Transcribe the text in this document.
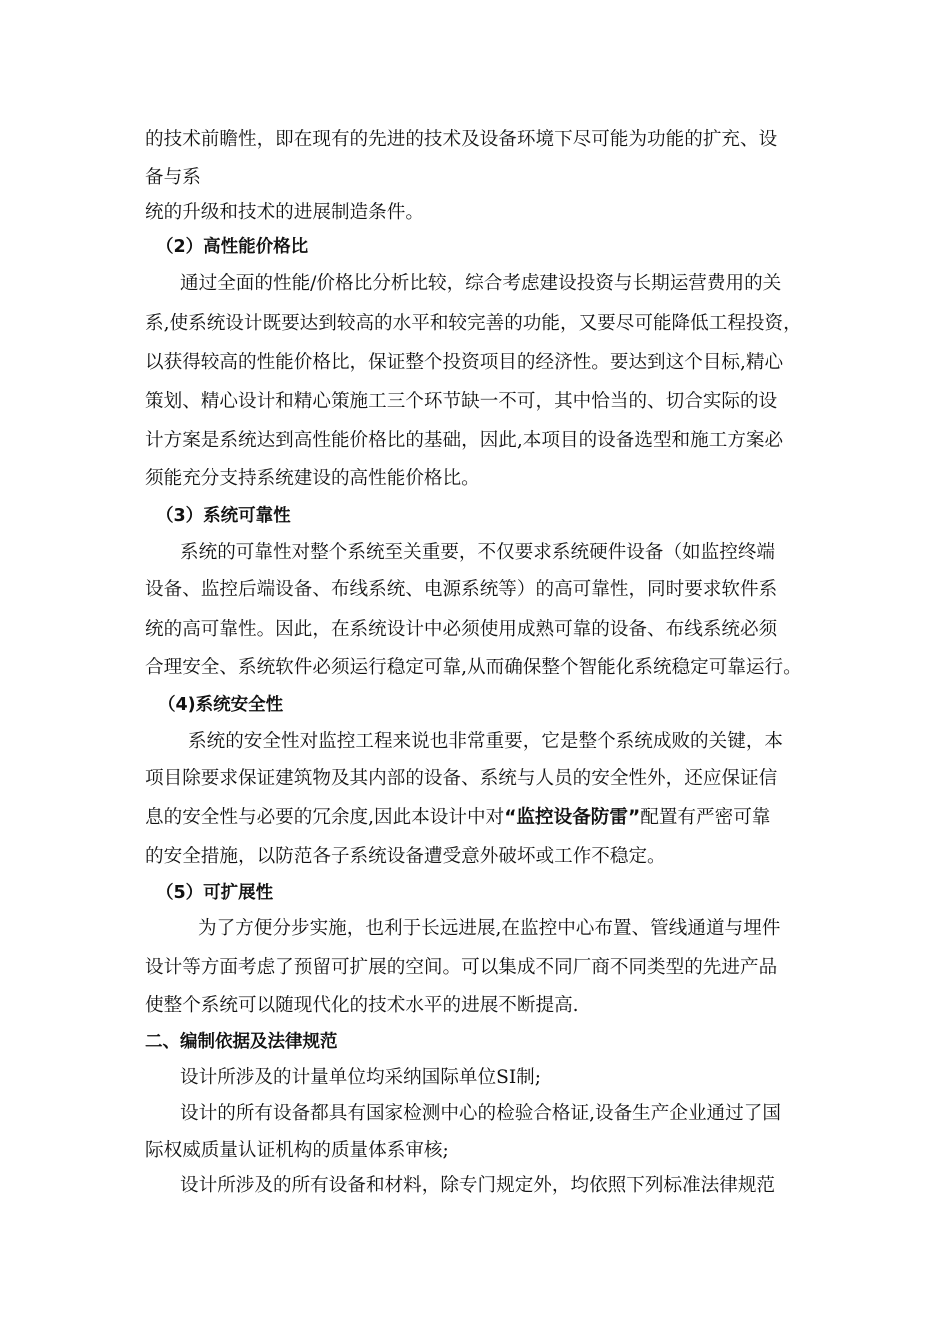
的技术前瞻性，即在现有的先进的技术及设备环境下尽可能为功能的扩充、设
备与系
统的升级和技术的进展制造条件。
（2）高性能价格比
通过全面的性能/价格比分析比较，综合考虑建设投资与长期运营费用的关
系,使系统设计既要达到较高的水平和较完善的功能，又要尽可能降低工程投资，
以获得较高的性能价格比，保证整个投资项目的经济性。要达到这个目标,精心
策划、精心设计和精心策施工三个环节缺一不可，其中恰当的、切合实际的设
计方案是系统达到高性能价格比的基础，因此,本项目的设备选型和施工方案必
须能充分支持系统建设的高性能价格比。
（3）系统可靠性
系统的可靠性对整个系统至关重要，不仅要求系统硬件设备（如监控终端
设备、监控后端设备、布线系统、电源系统等）的高可靠性，同时要求软件系
统的高可靠性。因此，在系统设计中必须使用成熟可靠的设备、布线系统必须
合理安全、系统软件必须运行稳定可靠,从而确保整个智能化系统稳定可靠运行。
（4)系统安全性
系统的安全性对监控工程来说也非常重要，它是整个系统成败的关键，本
项目除要求保证建筑物及其内部的设备、系统与人员的安全性外，还应保证信
息的安全性与必要的冗余度,因此本设计中对“监控设备防雷”配置有严密可靠
的安全措施，以防范各子系统设备遭受意外破坏或工作不稳定。
（5）可扩展性
为了方便分步实施，也利于长远进展,在监控中心布置、管线通道与埋件
设计等方面考虑了预留可扩展的空间。可以集成不同厂商不同类型的先进产品
使整个系统可以随现代化的技术水平的进展不断提高.
二、编制依据及法律规范
设计所涉及的计量单位均采纳国际单位SI制;
设计的所有设备都具有国家检测中心的检验合格证,设备生产企业通过了国
际权威质量认证机构的质量体系审核;
设计所涉及的所有设备和材料，除专门规定外，均依照下列标准法律规范
